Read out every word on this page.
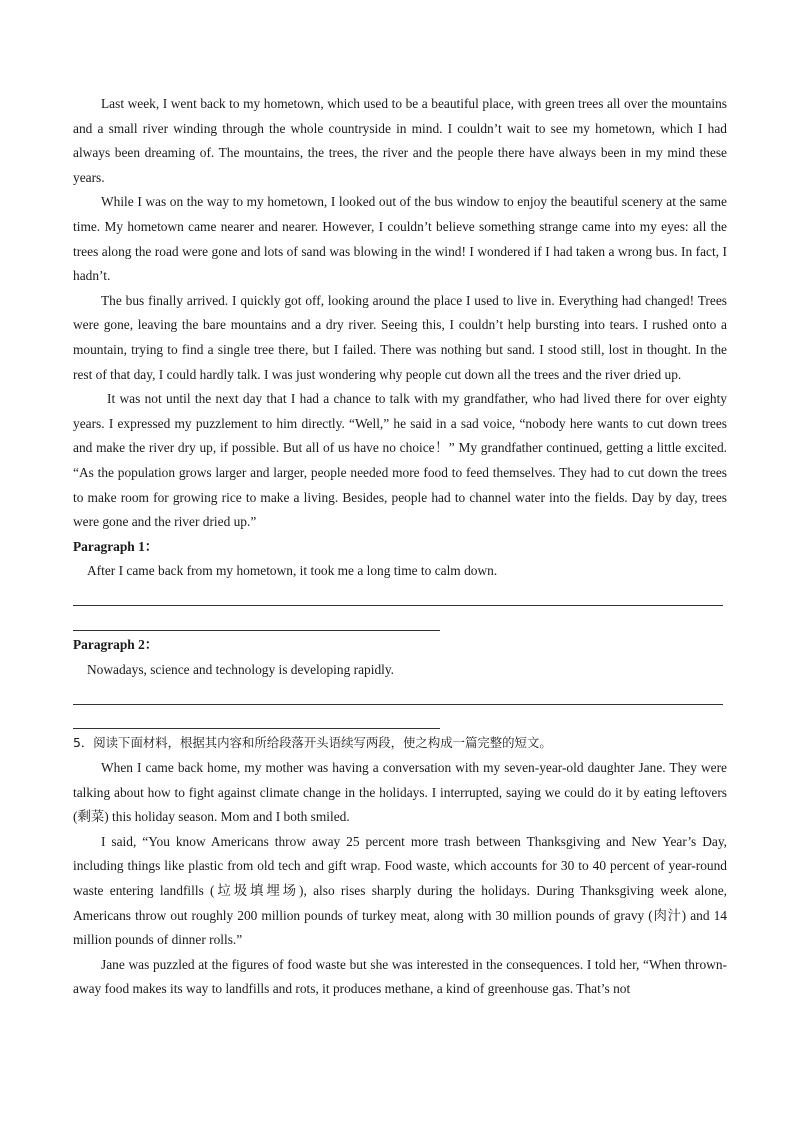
Last week, I went back to my hometown, which used to be a beautiful place, with green trees all over the mountains and a small river winding through the whole countryside in mind. I couldn’t wait to see my hometown, which I had always been dreaming of. The mountains, the trees, the river and the people there have always been in my mind these years.

While I was on the way to my hometown, I looked out of the bus window to enjoy the beautiful scenery at the same time. My hometown came nearer and nearer. However, I couldn’t believe something strange came into my eyes: all the trees along the road were gone and lots of sand was blowing in the wind! I wondered if I had taken a wrong bus. In fact, I hadn’t.

The bus finally arrived. I quickly got off, looking around the place I used to live in. Everything had changed! Trees were gone, leaving the bare mountains and a dry river. Seeing this, I couldn’t help bursting into tears. I rushed onto a mountain, trying to find a single tree there, but I failed. There was nothing but sand. I stood still, lost in thought. In the rest of that day, I could hardly talk. I was just wondering why people cut down all the trees and the river dried up.

It was not until the next day that I had a chance to talk with my grandfather, who had lived there for over eighty years. I expressed my puzzlement to him directly. “Well,” he said in a sad voice, “nobody here wants to cut down trees and make the river dry up, if possible. But all of us have no choice！” My grandfather continued, getting a little excited. “As the population grows larger and larger, people needed more food to feed themselves. They had to cut down the trees to make room for growing rice to make a living. Besides, people had to channel water into the fields. Day by day, trees were gone and the river dried up.”

Paragraph 1：

After I came back from my hometown, it took me a long time to calm down.

Paragraph 2：

Nowadays, science and technology is developing rapidly.

5．阅读下面材料，根据其内容和所给段落开头语续写两段，使之构成一篇完整的短文。

When I came back home, my mother was having a conversation with my seven-year-old daughter Jane. They were talking about how to fight against climate change in the holidays. I interrupted, saying we could do it by eating leftovers (剩菜) this holiday season. Mom and I both smiled.

I said, “You know Americans throw away 25 percent more trash between Thanksgiving and New Year’s Day, including things like plastic from old tech and gift wrap. Food waste, which accounts for 30 to 40 percent of year-round waste entering landfills (垃圾填埋场), also rises sharply during the holidays. During Thanksgiving week alone, Americans throw out roughly 200 million pounds of turkey meat, along with 30 million pounds of gravy (肉汁) and 14 million pounds of dinner rolls.”

Jane was puzzled at the figures of food waste but she was interested in the consequences. I told her, “When thrown-away food makes its way to landfills and rots, it produces methane, a kind of greenhouse gas. That’s not
